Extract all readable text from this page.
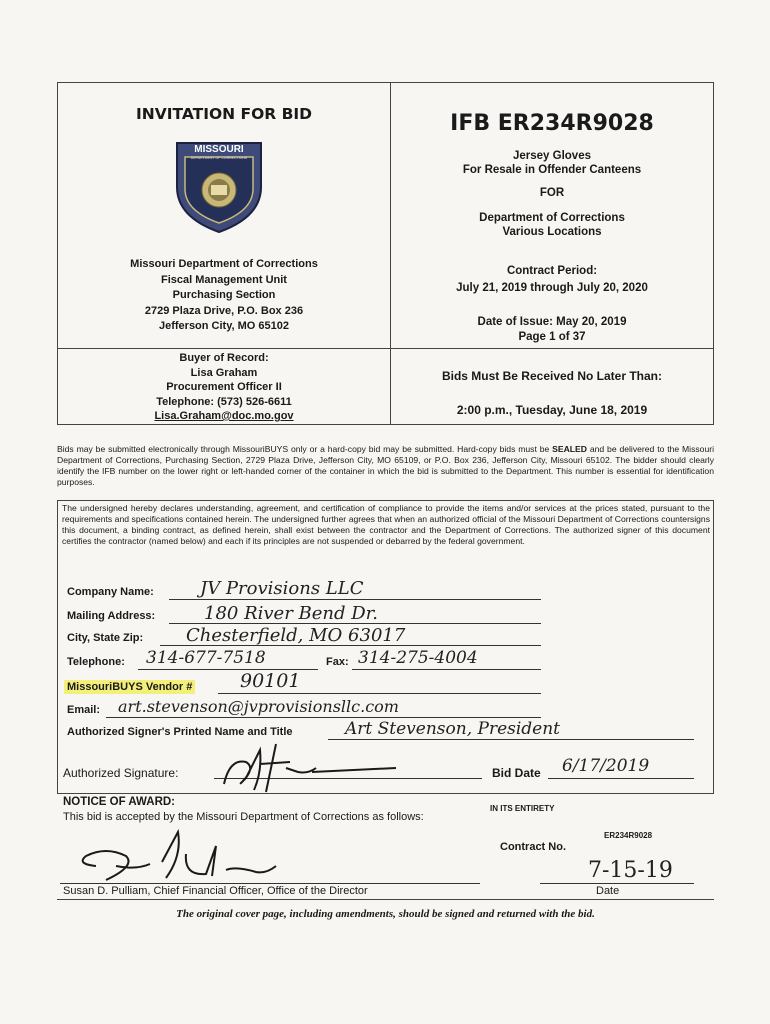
INVITATION FOR BID
MISSOURI
DEPARTMENT OF CORRECTIONS
Missouri Department of Corrections
Fiscal Management Unit
Purchasing Section
2729 Plaza Drive, P.O. Box 236
Jefferson City, MO 65102
Buyer of Record:
Lisa Graham
Procurement Officer II
Telephone: (573) 526-6611
Lisa.Graham@doc.mo.gov
IFB ER234R9028
Jersey Gloves
For Resale in Offender Canteens
FOR
Department of Corrections
Various Locations
Contract Period:
July 21, 2019 through July 20, 2020
Date of Issue: May 20, 2019
Page 1 of 37
Bids Must Be Received No Later Than:
2:00 p.m., Tuesday, June 18, 2019
Bids may be submitted electronically through MissouriBUYS only or a hard-copy bid may be submitted. Hard-copy bids must be SEALED and be delivered to the Missouri Department of Corrections, Purchasing Section, 2729 Plaza Drive, Jefferson City, MO 65109, or P.O. Box 236, Jefferson City, Missouri 65102. The bidder should clearly identify the IFB number on the lower right or left-handed corner of the container in which the bid is submitted to the Department. This number is essential for identification purposes.
The undersigned hereby declares understanding, agreement, and certification of compliance to provide the items and/or services at the prices stated, pursuant to the requirements and specifications contained herein. The undersigned further agrees that when an authorized official of the Missouri Department of Corrections countersigns this document, a binding contract, as defined herein, shall exist between the contractor and the Department of Corrections. The authorized signer of this document certifies the contractor (named below) and each if its principles are not suspended or debarred by the federal government.
Company Name:	JV Provisions LLC
Mailing Address:	180 River Bend Dr.
City, State Zip: Chesterfield, MO 63017
Telephone: 314-677-7518	Fax: 314-275-4004
MissouriBUYS Vendor #	90101
Email: art.stevenson@jvprovisionsllc.com
Authorized Signer's Printed Name and Title	Art Stevenson, President
Authorized Signature:	Bid Date 6/17/2019
NOTICE OF AWARD:
This bid is accepted by the Missouri Department of Corrections as follows:
IN ITS ENTIRETY
Contract No.
ER234R9028
Susan D. Pulliam, Chief Financial Officer, Office of the Director
7-15-19
Date
The original cover page, including amendments, should be signed and returned with the bid.
